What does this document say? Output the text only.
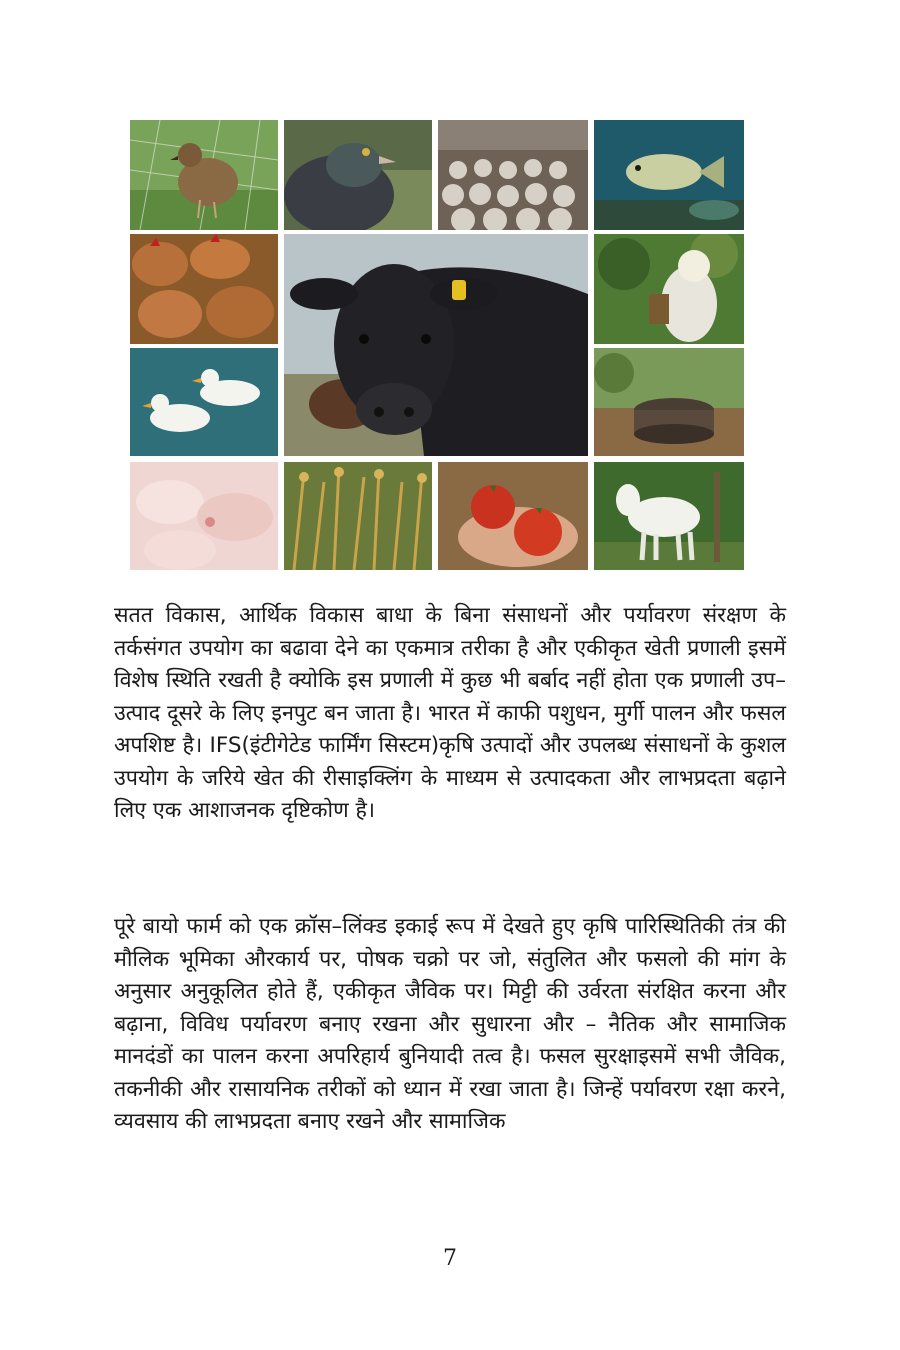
सतत विकास, आर्थिक विकास बाधा के बिना संसाधनों और पर्यावरण संरक्षण के तर्कसंगत उपयोग का बढावा देने का एकमात्र तरीका है और एकीकृत खेती प्रणाली इसमें विशेष स्थिति रखती है क्योकि इस प्रणाली में कुछ भी बर्बाद नहीं होता एक प्रणाली उप–उत्पाद दूसरे के लिए इनपुट बन जाता है। भारत में काफी पशुधन, मुर्गी पालन और फसल अपशिष्ट है। IFS(इंटीगेटेड फार्मिंग सिस्टम)कृषि उत्पादों और उपलब्ध संसाधनों के कुशल उपयोग के जरिये खेत की रीसाइक्लिंग के माध्यम से उत्पादकता और लाभप्रदता बढ़ाने लिए एक आशाजनक दृष्टिकोण है।

पूरे बायो फार्म को एक क्रॉस–लिंक्ड इकाई रूप में देखते हुए कृषि पारिस्थितिकी तंत्र की मौलिक भूमिका औरकार्य पर, पोषक चक्रो पर जो, संतुलित और फसलो की मांग के अनुसार अनुकूलित होते हैं, एकीकृत जैविक पर। मिट्टी की उर्वरता संरक्षित करना और बढ़ाना, विविध पर्यावरण बनाए रखना और सुधारना और – नैतिक और सामाजिक मानदंडों का पालन करना अपरिहार्य बुनियादी तत्व है। फसल सुरक्षाइसमें सभी जैविक, तकनीकी और रासायनिक तरीकों को ध्यान में रखा जाता है। जिन्हें पर्यावरण रक्षा करने, व्यवसाय की लाभप्रदता बनाए रखने और सामाजिक

7
